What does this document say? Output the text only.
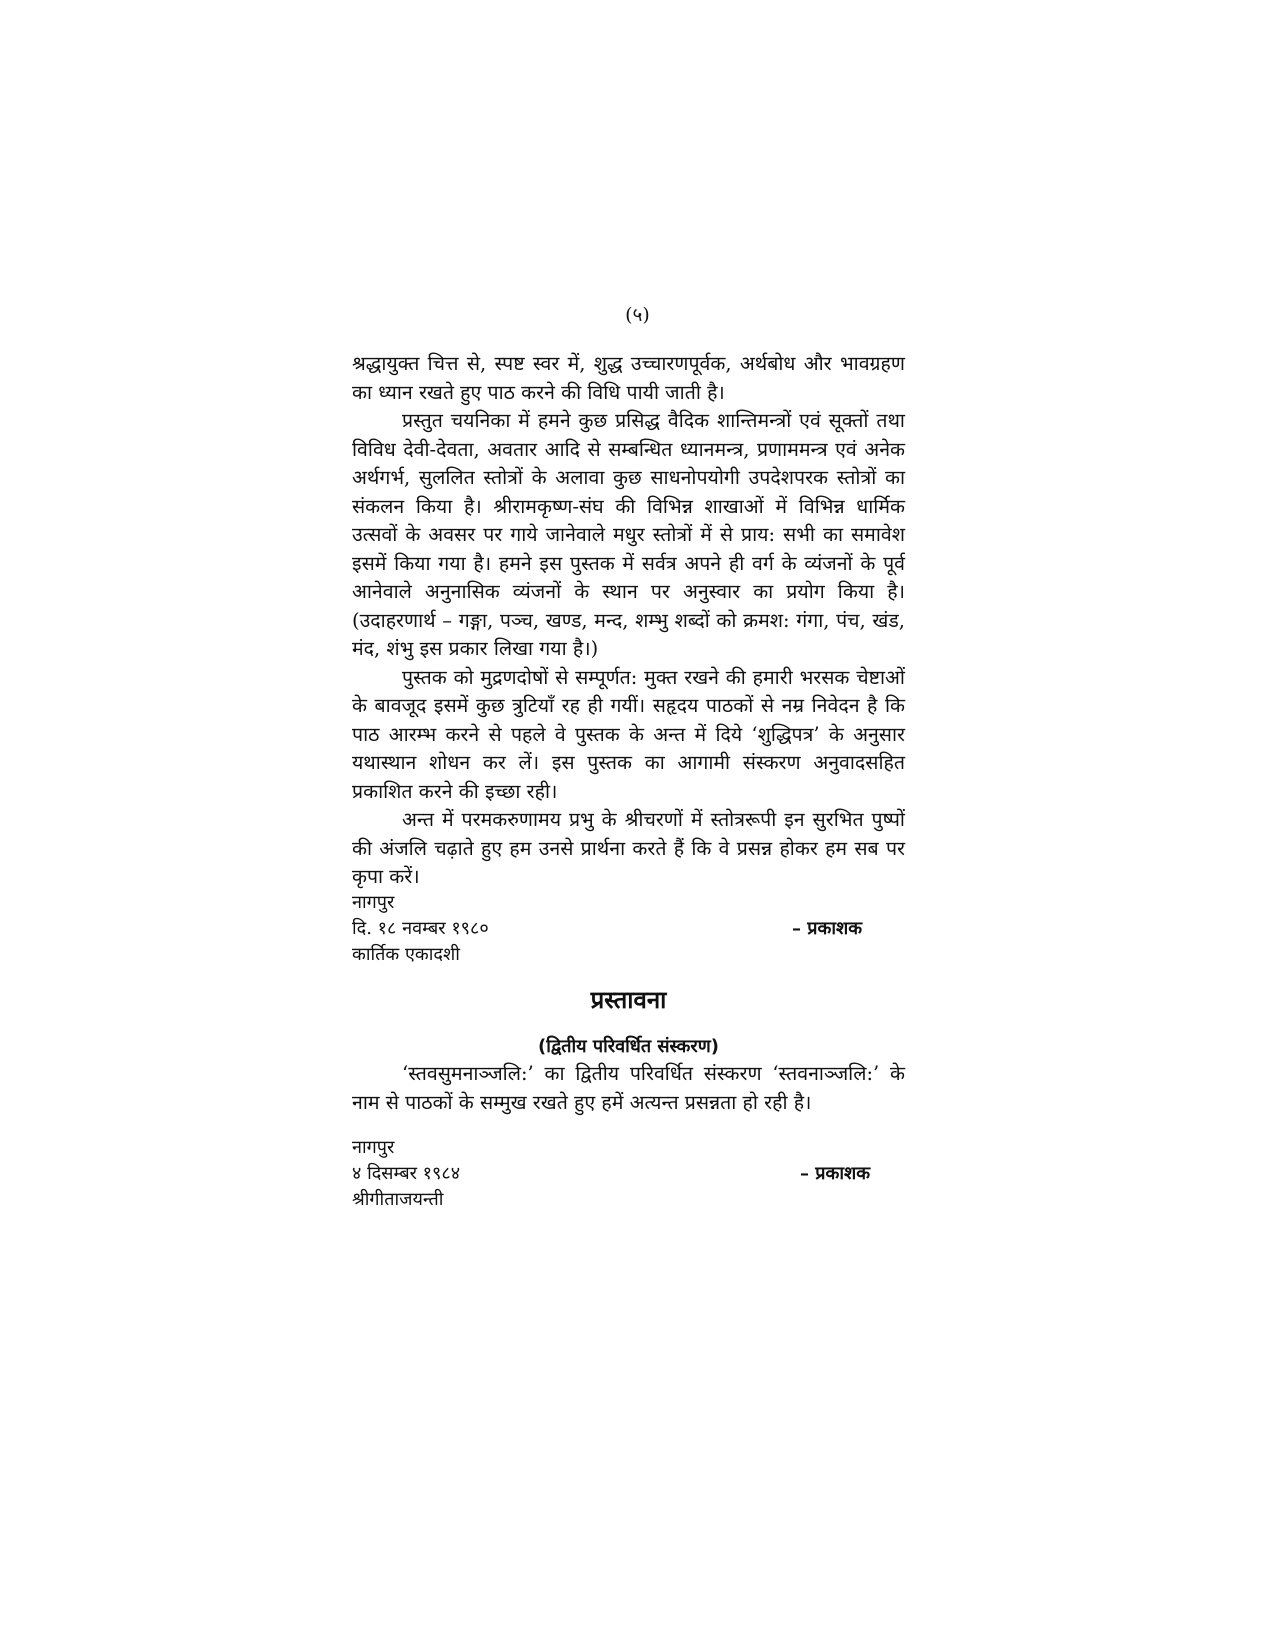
(५)

श्रद्धायुक्त चित्त से, स्पष्ट स्वर में, शुद्ध उच्चारणपूर्वक, अर्थबोध और भावग्रहण का ध्यान रखते हुए पाठ करने की विधि पायी जाती है।

प्रस्तुत चयनिका में हमने कुछ प्रसिद्ध वैदिक शान्तिमन्त्रों एवं सूक्तों तथा विविध देवी-देवता, अवतार आदि से सम्बन्धित ध्यानमन्त्र, प्रणाममन्त्र एवं अनेक अर्थगर्भ, सुललित स्तोत्रों के अलावा कुछ साधनोपयोगी उपदेशपरक स्तोत्रों का संकलन किया है। श्रीरामकृष्ण-संघ की विभिन्न शाखाओं में विभिन्न धार्मिक उत्सवों के अवसर पर गाये जानेवाले मधुर स्तोत्रों में से प्राय: सभी का समावेश इसमें किया गया है। हमने इस पुस्तक में सर्वत्र अपने ही वर्ग के व्यंजनों के पूर्व आनेवाले अनुनासिक व्यंजनों के स्थान पर अनुस्वार का प्रयोग किया है। (उदाहरणार्थ – गङ्गा, पञ्च, खण्ड, मन्द, शम्भु शब्दों को क्रमश: गंगा, पंच, खंड, मंद, शंभु इस प्रकार लिखा गया है।)

पुस्तक को मुद्रणदोषों से सम्पूर्णत: मुक्त रखने की हमारी भरसक चेष्टाओं के बावजूद इसमें कुछ त्रुटियाँ रह ही गयीं। सहृदय पाठकों से नम्र निवेदन है कि पाठ आरम्भ करने से पहले वे पुस्तक के अन्त में दिये ‘शुद्धिपत्र’ के अनुसार यथास्थान शोधन कर लें। इस पुस्तक का आगामी संस्करण अनुवादसहित प्रकाशित करने की इच्छा रही।

अन्त में परमकरुणामय प्रभु के श्रीचरणों में स्तोत्ररूपी इन सुरभित पुष्पों की अंजलि चढ़ाते हुए हम उनसे प्रार्थना करते हैं कि वे प्रसन्न होकर हम सब पर कृपा करें।

नागपुर
दि. १८ नवम्बर १९८०	– प्रकाशक
कार्तिक एकादशी
प्रस्तावना
(द्वितीय परिवर्धित संस्करण)

‘स्तवसुमनाञ्जलि:’ का द्वितीय परिवर्धित संस्करण ‘स्तवनाञ्जलि:’ के नाम से पाठकों के सम्मुख रखते हुए हमें अत्यन्त प्रसन्नता हो रही है।

नागपुर
४ दिसम्बर १९८४	– प्रकाशक
श्रीगीताजयन्ती
